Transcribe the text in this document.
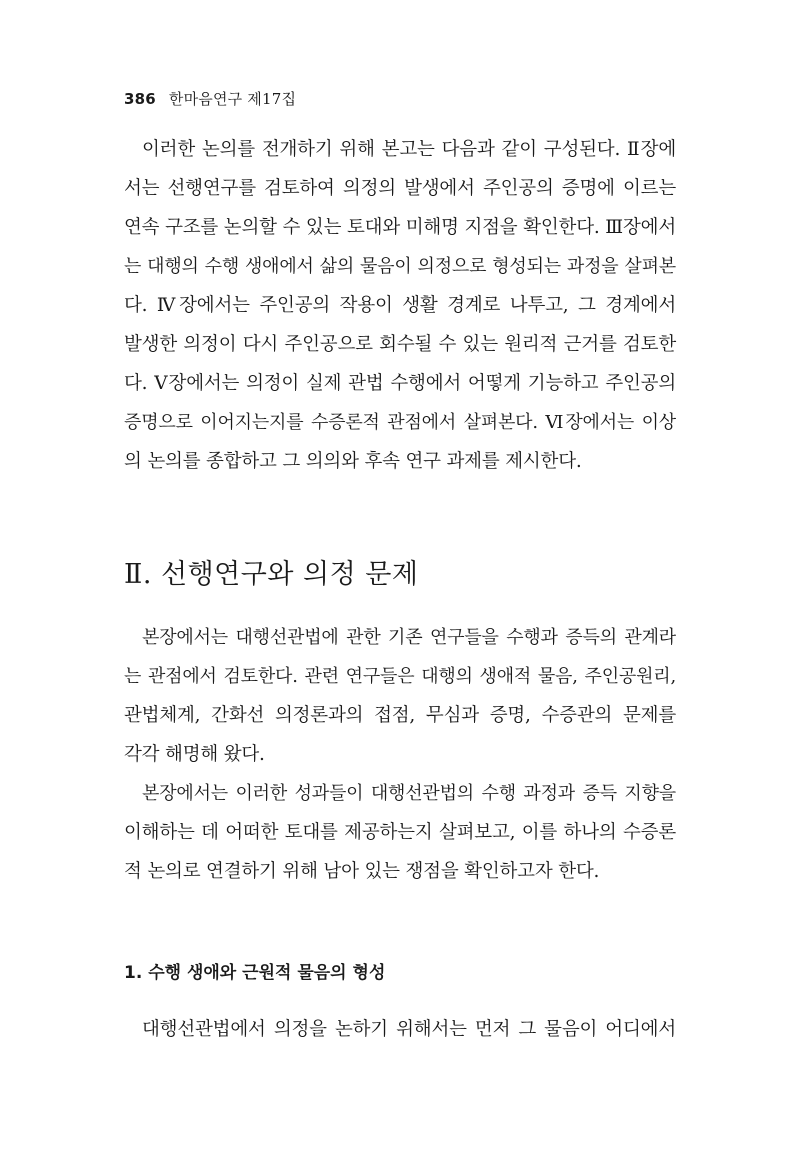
386 한마음연구 제17집
이러한 논의를 전개하기 위해 본고는 다음과 같이 구성된다. Ⅱ장에
서는 선행연구를 검토하여 의정의 발생에서 주인공의 증명에 이르는
연속 구조를 논의할 수 있는 토대와 미해명 지점을 확인한다. Ⅲ장에서
는 대행의 수행 생애에서 삶의 물음이 의정으로 형성되는 과정을 살펴본
다. Ⅳ장에서는 주인공의 작용이 생활 경계로 나투고, 그 경계에서
발생한 의정이 다시 주인공으로 회수될 수 있는 원리적 근거를 검토한
다. Ⅴ장에서는 의정이 실제 관법 수행에서 어떻게 기능하고 주인공의
증명으로 이어지는지를 수증론적 관점에서 살펴본다. Ⅵ장에서는 이상
의 논의를 종합하고 그 의의와 후속 연구 과제를 제시한다.
Ⅱ. 선행연구와 의정 문제
본장에서는 대행선관법에 관한 기존 연구들을 수행과 증득의 관계라
는 관점에서 검토한다. 관련 연구들은 대행의 생애적 물음, 주인공원리,
관법체계, 간화선 의정론과의 접점, 무심과 증명, 수증관의 문제를
각각 해명해 왔다.
본장에서는 이러한 성과들이 대행선관법의 수행 과정과 증득 지향을
이해하는 데 어떠한 토대를 제공하는지 살펴보고, 이를 하나의 수증론
적 논의로 연결하기 위해 남아 있는 쟁점을 확인하고자 한다.
1. 수행 생애와 근원적 물음의 형성
대행선관법에서 의정을 논하기 위해서는 먼저 그 물음이 어디에서
